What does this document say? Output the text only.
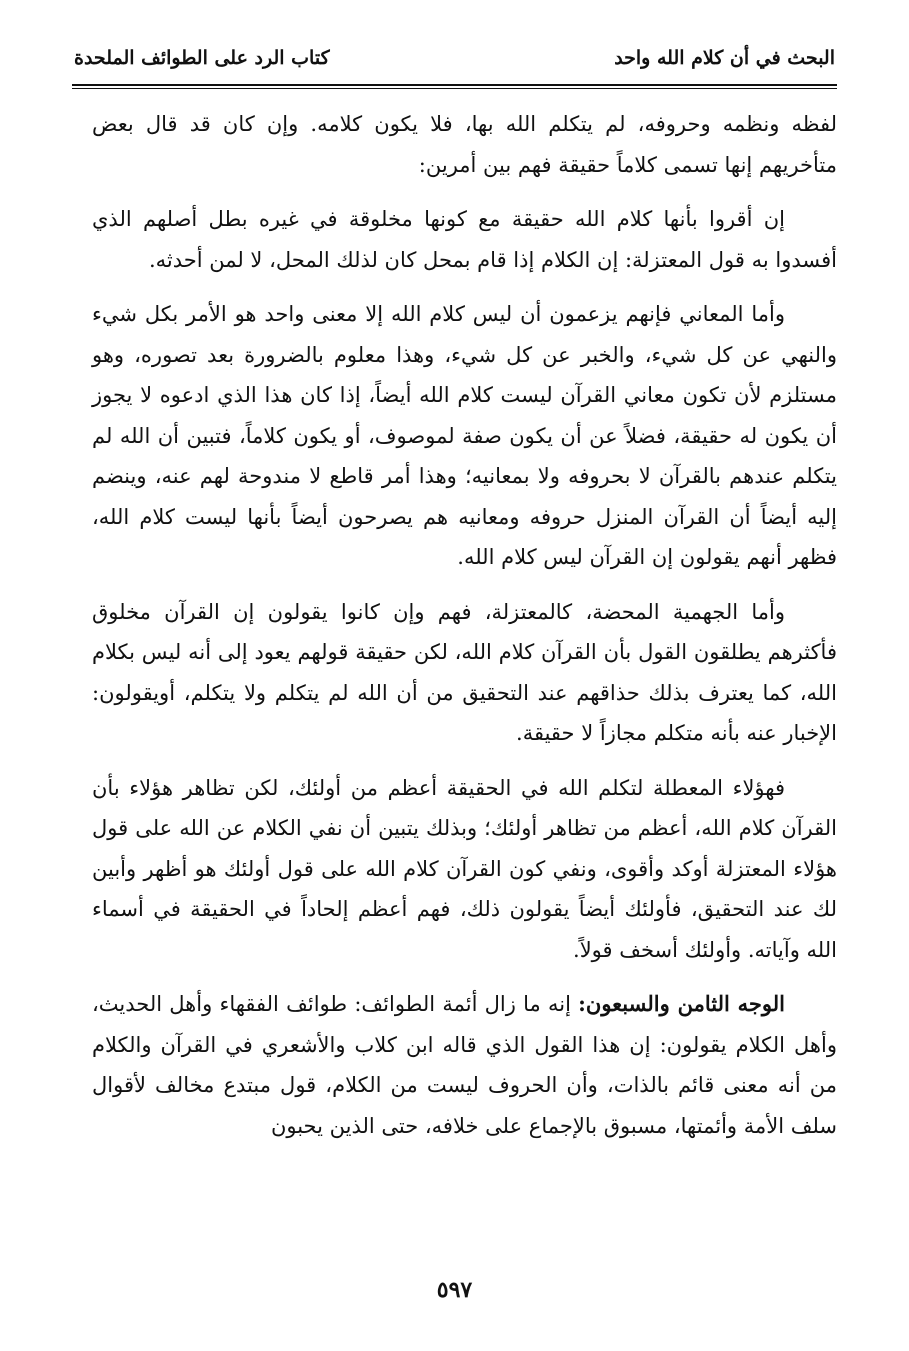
البحث في أن كلام الله واحد
كتاب الرد على الطوائف الملحدة

لفظه ونظمه وحروفه، لم يتكلم الله بها، فلا يكون كلامه. وإن كان قد قال بعض متأخريهم إنها تسمى كلاماً حقيقة فهم بين أمرين:

إن أقروا بأنها كلام الله حقيقة مع كونها مخلوقة في غيره بطل أصلهم الذي أفسدوا به قول المعتزلة: إن الكلام إذا قام بمحل كان لذلك المحل، لا لمن أحدثه.

وأما المعاني فإنهم يزعمون أن ليس كلام الله إلا معنى واحد هو الأمر بكل شيء والنهي عن كل شيء، والخبر عن كل شيء، وهذا معلوم بالضرورة بعد تصوره، وهو مستلزم لأن تكون معاني القرآن ليست كلام الله أيضاً، إذا كان هذا الذي ادعوه لا يجوز أن يكون له حقيقة، فضلاً عن أن يكون صفة لموصوف، أو يكون كلاماً، فتبين أن الله لم يتكلم عندهم بالقرآن لا بحروفه ولا بمعانيه؛ وهذا أمر قاطع لا مندوحة لهم عنه، وينضم إليه أيضاً أن القرآن المنزل حروفه ومعانيه هم يصرحون أيضاً بأنها ليست كلام الله، فظهر أنهم يقولون إن القرآن ليس كلام الله.

وأما الجهمية المحضة، كالمعتزلة، فهم وإن كانوا يقولون إن القرآن مخلوق فأكثرهم يطلقون القول بأن القرآن كلام الله، لكن حقيقة قولهم يعود إلى أنه ليس بكلام الله، كما يعترف بذلك حذاقهم عند التحقيق من أن الله لم يتكلم ولا يتكلم، أويقولون: الإخبار عنه بأنه متكلم مجازاً لا حقيقة.

فهؤلاء المعطلة لتكلم الله في الحقيقة أعظم من أولئك، لكن تظاهر هؤلاء بأن القرآن كلام الله، أعظم من تظاهر أولئك؛ وبذلك يتبين أن نفي الكلام عن الله على قول هؤلاء المعتزلة أوكد وأقوى، ونفي كون القرآن كلام الله على قول أولئك هو أظهر وأبين لك عند التحقيق، فأولئك أيضاً يقولون ذلك، فهم أعظم إلحاداً في الحقيقة في أسماء الله وآياته. وأولئك أسخف قولاً.

الوجه الثامن والسبعون: إنه ما زال أئمة الطوائف: طوائف الفقهاء وأهل الحديث، وأهل الكلام يقولون: إن هذا القول الذي قاله ابن كلاب والأشعري في القرآن والكلام من أنه معنى قائم بالذات، وأن الحروف ليست من الكلام، قول مبتدع مخالف لأقوال سلف الأمة وأئمتها، مسبوق بالإجماع على خلافه، حتى الذين يحبون

٥٩٧
